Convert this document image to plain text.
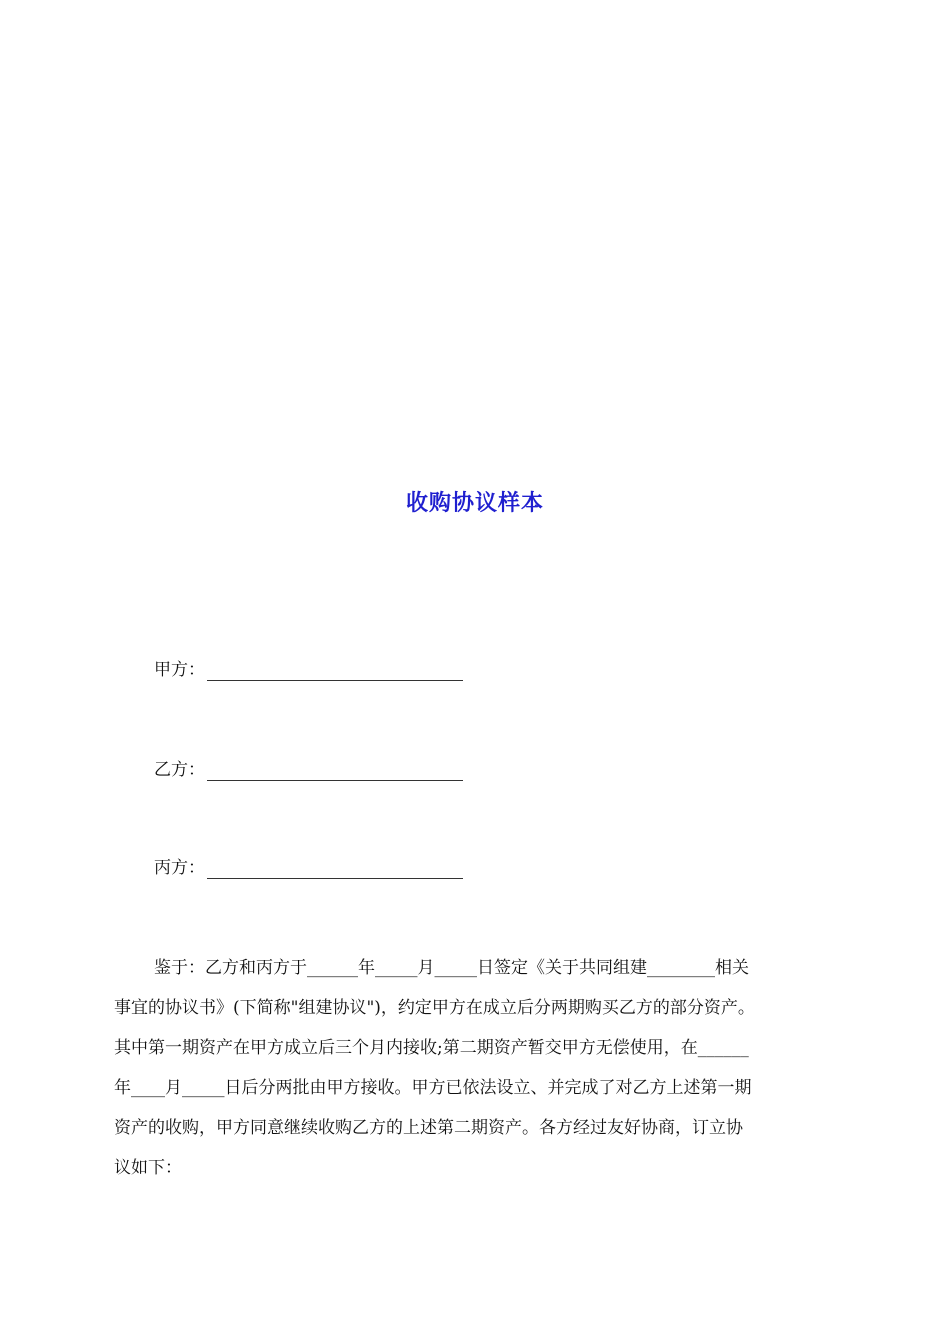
收购协议样本
甲方：
乙方：
丙方：
鉴于：乙方和丙方于______年_____月_____日签定《关于共同组建________相关
事宜的协议书》(下简称"组建协议")，约定甲方在成立后分两期购买乙方的部分资产。
其中第一期资产在甲方成立后三个月内接收;第二期资产暂交甲方无偿使用，在______
年____月_____日后分两批由甲方接收。甲方已依法设立、并完成了对乙方上述第一期
资产的收购，甲方同意继续收购乙方的上述第二期资产。各方经过友好协商，订立协
议如下：
